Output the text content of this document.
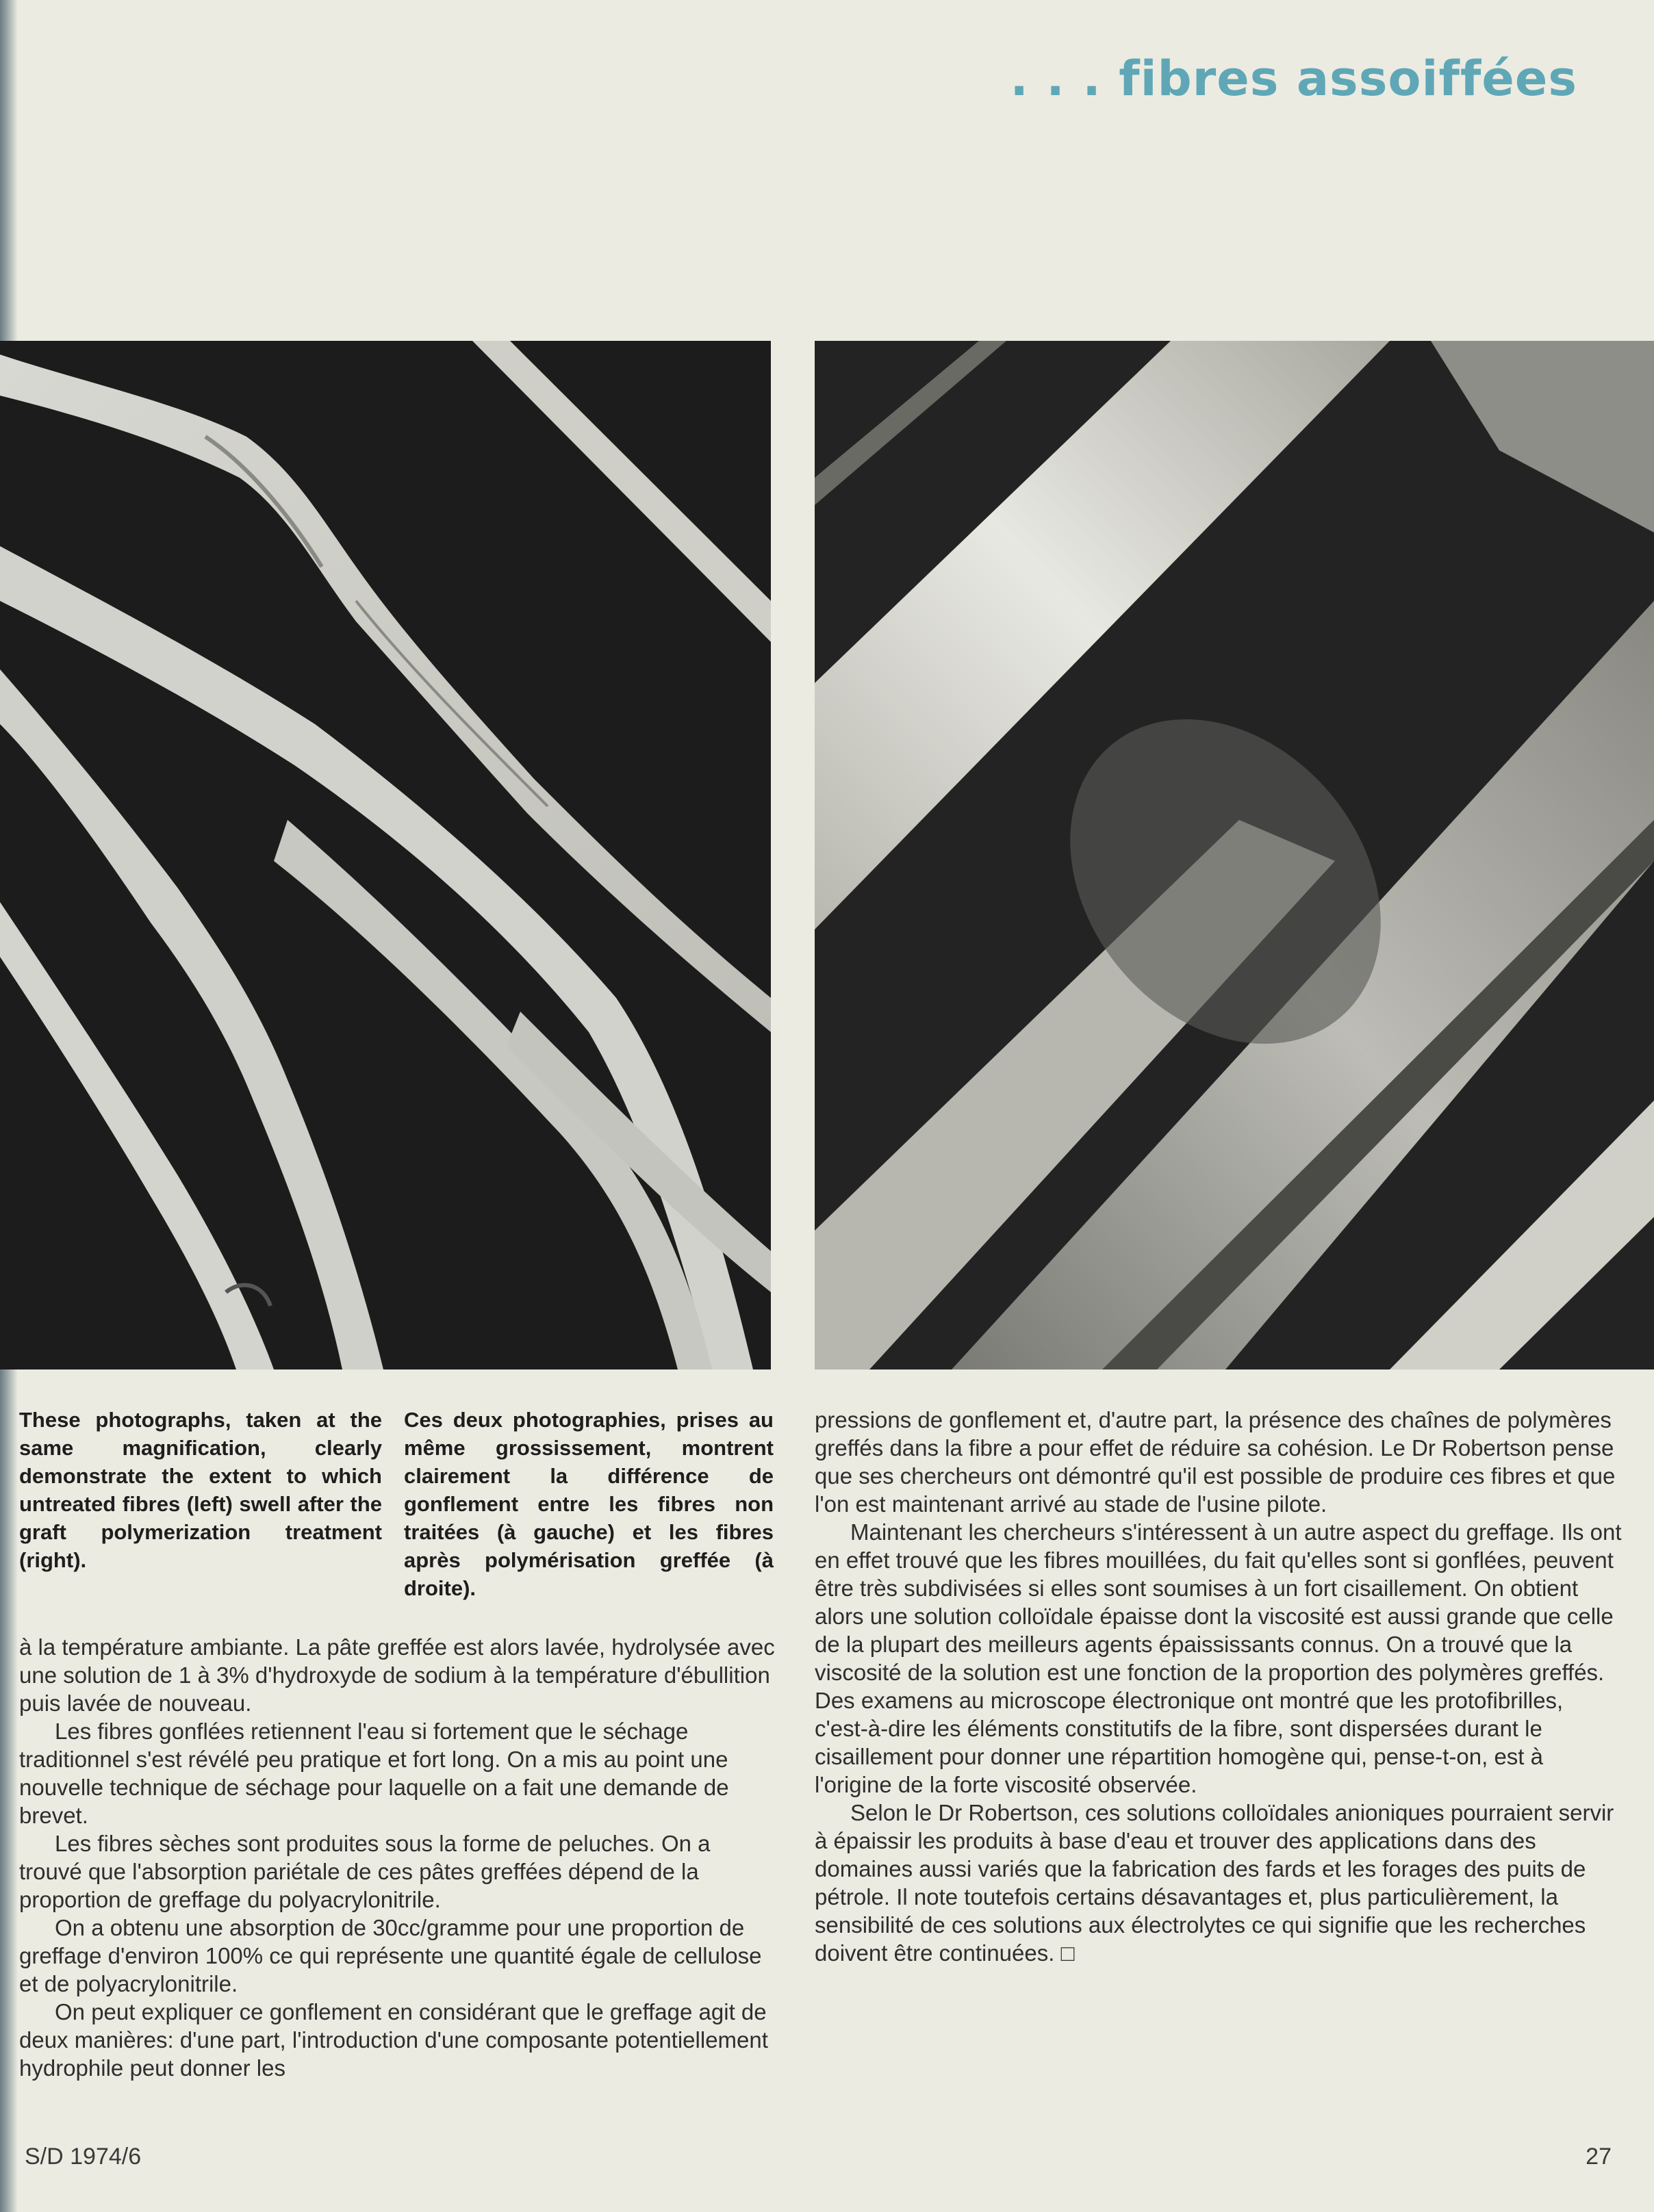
. . . fibres assoiffées
These photographs, taken at the same magnification, clearly demonstrate the extent to which untreated fibres (left) swell after the graft polymerization treatment (right).
Ces deux photographies, prises au même grossissement, montrent clairement la différence de gonflement entre les fibres non traitées (à gauche) et les fibres après polymérisation greffée (à droite).

à la température ambiante. La pâte greffée est alors lavée, hydrolysée avec une solution de 1 à 3% d'hydroxyde de sodium à la température d'ébullition puis lavée de nouveau.

Les fibres gonflées retiennent l'eau si fortement que le séchage traditionnel s'est révélé peu pratique et fort long. On a mis au point une nouvelle technique de séchage pour laquelle on a fait une demande de brevet.

Les fibres sèches sont produites sous la forme de peluches. On a trouvé que l'absorption pariétale de ces pâtes greffées dépend de la proportion de greffage du polyacrylonitrile.

On a obtenu une absorption de 30cc/gramme pour une proportion de greffage d'environ 100% ce qui représente une quantité égale de cellulose et de polyacrylonitrile.

On peut expliquer ce gonflement en considérant que le greffage agit de deux manières: d'une part, l'introduction d'une composante potentiellement hydrophile peut donner les

pressions de gonflement et, d'autre part, la présence des chaînes de polymères greffés dans la fibre a pour effet de réduire sa cohésion. Le Dr Robertson pense que ses chercheurs ont démontré qu'il est possible de produire ces fibres et que l'on est maintenant arrivé au stade de l'usine pilote.

Maintenant les chercheurs s'intéressent à un autre aspect du greffage. Ils ont en effet trouvé que les fibres mouillées, du fait qu'elles sont si gonflées, peuvent être très subdivisées si elles sont soumises à un fort cisaillement. On obtient alors une solution colloïdale épaisse dont la viscosité est aussi grande que celle de la plupart des meilleurs agents épaississants connus. On a trouvé que la viscosité de la solution est une fonction de la proportion des polymères greffés. Des examens au microscope électronique ont montré que les protofibrilles, c'est-à-dire les éléments constitutifs de la fibre, sont dispersées durant le cisaillement pour donner une répartition homogène qui, pense-t-on, est à l'origine de la forte viscosité observée.

Selon le Dr Robertson, ces solutions colloïdales anioniques pourraient servir à épaissir les produits à base d'eau et trouver des applications dans des domaines aussi variés que la fabrication des fards et les forages des puits de pétrole. Il note toutefois certains désavantages et, plus particulièrement, la sensibilité de ces solutions aux électrolytes ce qui signifie que les recherches doivent être continuées. □

S/D 1974/6	27
